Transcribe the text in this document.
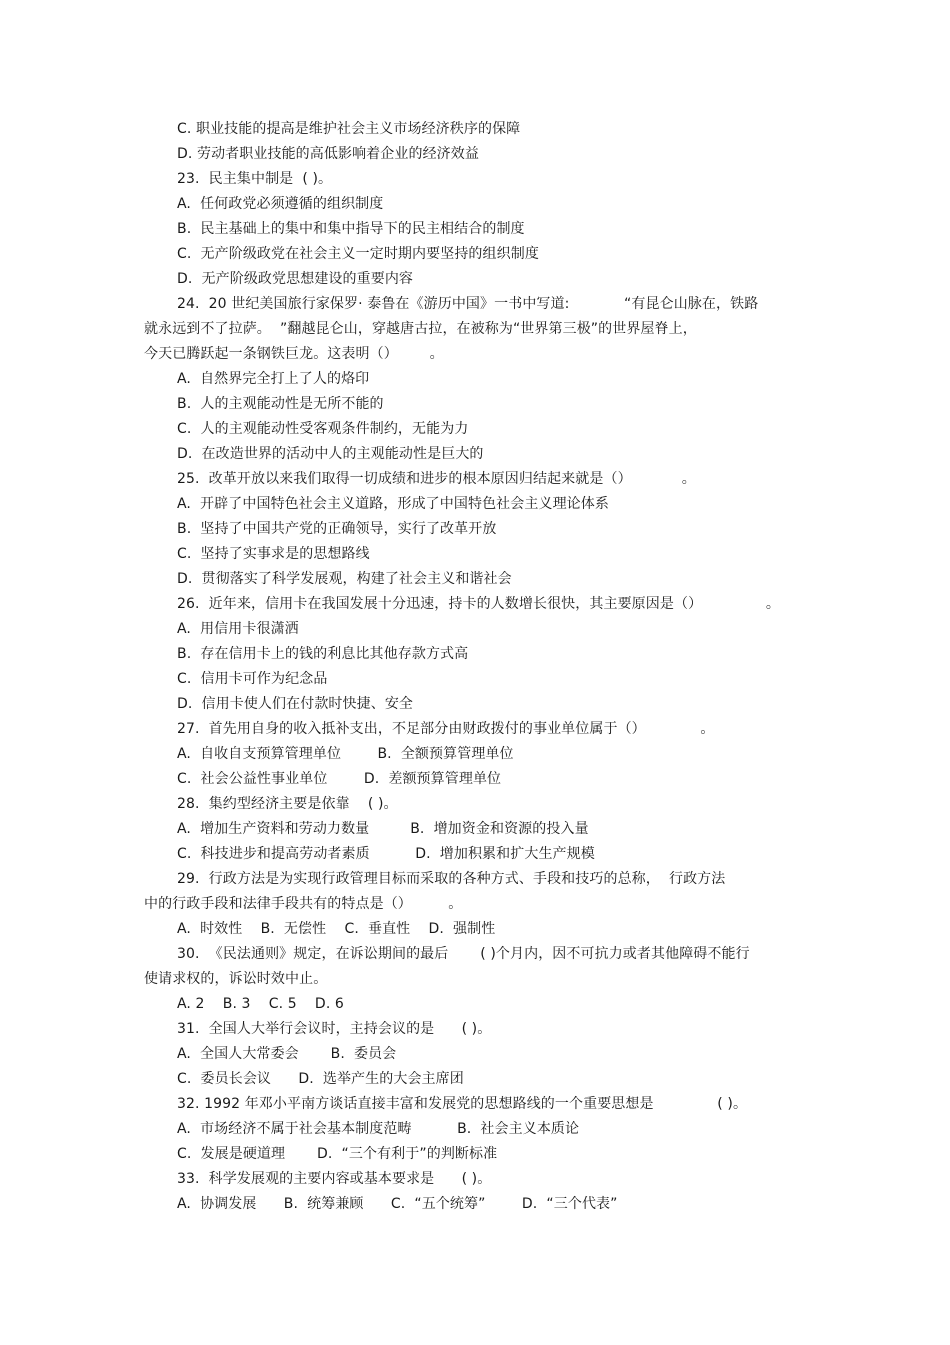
C. 职业技能的提高是维护社会主义市场经济秩序的保障
D. 劳动者职业技能的高低影响着企业的经济效益
23.  民主集中制是  ( )。
A.  任何政党必须遵循的组织制度
B.  民主基础上的集中和集中指导下的民主相结合的制度
C.  无产阶级政党在社会主义一定时期内要坚持的组织制度
D.  无产阶级政党思想建设的重要内容
24.  20 世纪美国旅行家保罗· 泰鲁在《游历中国》一书中写道:            “有昆仑山脉在，铁路
就永远到不了拉萨。  ”翻越昆仑山，穿越唐古拉，在被称为“世界第三极”的世界屋脊上，
今天已腾跃起一条钢铁巨龙。这表明（）       。
A.  自然界完全打上了人的烙印
B.  人的主观能动性是无所不能的
C.  人的主观能动性受客观条件制约，无能为力
D.  在改造世界的活动中人的主观能动性是巨大的
25.  改革开放以来我们取得一切成绩和进步的根本原因归结起来就是（）           。
A.  开辟了中国特色社会主义道路，形成了中国特色社会主义理论体系
B.  坚持了中国共产党的正确领导，实行了改革开放
C.  坚持了实事求是的思想路线
D.  贯彻落实了科学发展观，构建了社会主义和谐社会
26.  近年来，信用卡在我国发展十分迅速，持卡的人数增长很快，其主要原因是（）              。
A.  用信用卡很潇洒
B.  存在信用卡上的钱的利息比其他存款方式高
C.  信用卡可作为纪念品
D.  信用卡使人们在付款时快捷、安全
27.  首先用自身的收入抵补支出，不足部分由财政拨付的事业单位属于（）            。
A.  自收自支预算管理单位        B.  全额预算管理单位
C.  社会公益性事业单位        D.  差额预算管理单位
28.  集约型经济主要是依靠    ( )。
A.  增加生产资料和劳动力数量         B.  增加资金和资源的投入量
C.  科技进步和提高劳动者素质          D.  增加积累和扩大生产规模
29.  行政方法是为实现行政管理目标而采取的各种方式、手段和技巧的总称，  行政方法
中的行政手段和法律手段共有的特点是（）        。
A.  时效性    B.  无偿性    C.  垂直性    D.  强制性
30.  《民法通则》规定，在诉讼期间的最后       ( )个月内，因不可抗力或者其他障碍不能行
使请求权的，诉讼时效中止。
A. 2    B. 3    C. 5    D. 6
31.  全国人大举行会议时，主持会议的是      ( )。
A.  全国人大常委会       B.  委员会
C.  委员长会议      D.  选举产生的大会主席团
32. 1992 年邓小平南方谈话直接丰富和发展党的思想路线的一个重要思想是              ( )。
A.  市场经济不属于社会基本制度范畴          B.  社会主义本质论
C.  发展是硬道理       D.  “三个有利于”的判断标准
33.  科学发展观的主要内容或基本要求是      ( )。
A.  协调发展      B.  统筹兼顾      C.  “五个统筹”        D.  “三个代表”
